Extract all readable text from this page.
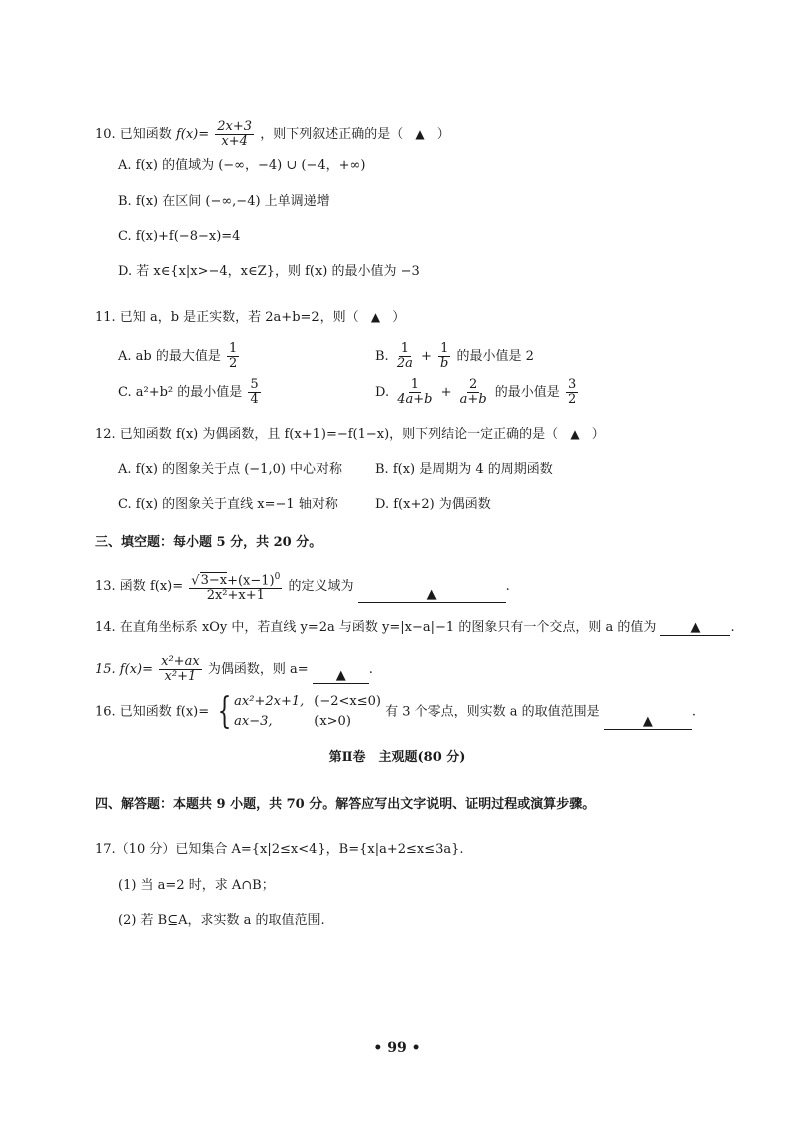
10. 已知函数 $f(x)= \frac{2x+3}{x+4}$ ，则下列叙述正确的是（ ▲ ）
A. f(x) 的值域为 (−∞，−4) ∪ (−4，+∞)
B. f(x) 在区间 (−∞,−4) 上单调递增
C. f(x)+f(−8−x)=4
D. 若 x∈{x|x>−4，x∈Z}，则 f(x) 的最小值为 −3
11. 已知 a，b 是正实数，若 2a+b=2，则（ ▲ ）
A. ab 的最大值是 $\frac{1}{2}$	B. $\frac{1}{2a} + \frac{1}{b}$ 的最小值是 2
C. a²+b² 的最小值是 $\frac{5}{4}$	D. $\frac{1}{4a+b} + \frac{2}{a+b}$ 的最小值是 $\frac{3}{2}$
12. 已知函数 f(x) 为偶函数，且 f(x+1)=−f(1−x)，则下列结论一定正确的是（ ▲ ）
A. f(x) 的图象关于点 (−1,0) 中心对称	B. f(x) 是周期为 4 的周期函数
C. f(x) 的图象关于直线 x=−1 轴对称	D. f(x+2) 为偶函数
三、填空题：每小题 5 分，共 20 分。
13. 函数 $f(x)= \frac{√3-x+(x-1)^0}{\text{2x²+x+1}}$ 的定义域为 ▲.
14. 在直角坐标系 xOy 中，若直线 y=2a 与函数 y=|x−a|−1 的图象只有一个交点，则 a 的值为	▲ .
15. $f(x)= \frac{\text{x²+ax}}{\text{x²+1}}$ 为偶函数，则 a= ▲ .
16. 已知函数 f(x)= { ax²+2x+1, (−2<x≤0)
ax−3,	(x>0)
有 3 个零点，则实数 a 的取值范围是 ▲.
第Ⅱ卷　主观题(80 分)
四、解答题：本题共 9 小题，共 70 分。解答应写出文字说明、证明过程或演算步骤。
17.（10 分）已知集合 A={x|2≤x<4}，B={x|a+2≤x≤3a}.
(1) 当 a=2 时，求 A∩B；
(2) 若 B⊆A，求实数 a 的取值范围.
• 99 •
